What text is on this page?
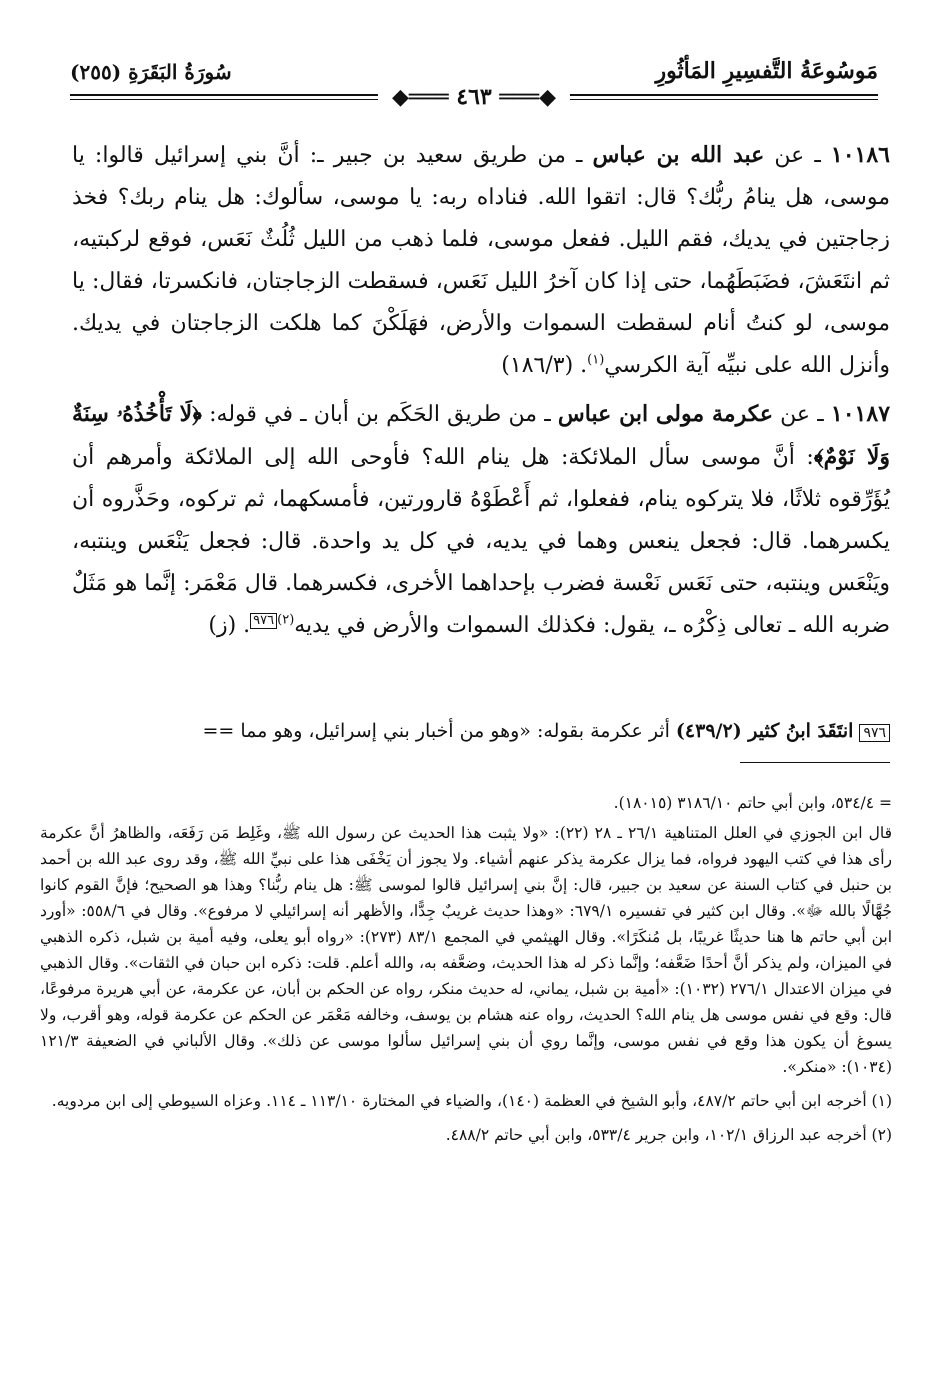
مَوسُوعَةُ التَّفسِيرِ المَأثُورِ
سُورَةُ البَقَرَةِ (٢٥٥)
◆═══ ٤٦٣ ═══◆

١٠١٨٦ ـ عن عبد الله بن عباس ـ من طريق سعيد بن جبير ـ: أنَّ بني إسرائيل قالوا: يا موسى، هل ينامُ ربُّك؟ قال: اتقوا الله. فناداه ربه: يا موسى، سألوك: هل ينام ربك؟ فخذ زجاجتين في يديك، فقم الليل. ففعل موسى، فلما ذهب من الليل ثُلُثٌ نَعَس، فوقع لركبتيه، ثم انتَعَشَ، فضَبَطَهُما، حتى إذا كان آخرُ الليل نَعَس، فسقطت الزجاجتان، فانكسرتا، فقال: يا موسى، لو كنتُ أنام لسقطت السموات والأرض، فهَلَكْنَ كما هلكت الزجاجتان في يديك. وأنزل الله على نبيِّه آية الكرسي$^{(١)}$. (١٨٦/٣)

١٠١٨٧ ـ عن عكرمة مولى ابن عباس ـ من طريق الحَكَم بن أبان ـ في قوله: ﴿لَا تَأْخُذُهُۥ سِنَةٌ وَلَا نَوْمٌ﴾: أنَّ موسى سأل الملائكة: هل ينام الله؟ فأوحى الله إلى الملائكة وأمرهم أن يُؤَرِّقوه ثلاثًا، فلا يتركوه ينام، ففعلوا، ثم أَعْطَوْهُ قارورتين، فأمسكهما، ثم تركوه، وحَذَّروه أن يكسرهما. قال: فجعل ينعس وهما في يديه، في كل يد واحدة. قال: فجعل يَنْعَس وينتبه، ويَنْعَس وينتبه، حتى نَعَس نَعْسة فضرب بإحداهما الأخرى، فكسرهما. قال مَعْمَر: إنَّما هو مَثَلٌ ضربه الله ـ تعالى ذِكْرُه ـ، يقول: فكذلك السموات والأرض في يديه$^{(٢)}$٩٧٦. (ز)

٩٧٦انتَقَدَ ابنُ كثير (٤٣٩/٢) أثر عكرمة بقوله: «وهو من أخبار بني إسرائيل، وهو مما ==

= ٥٣٤/٤، وابن أبي حاتم ٣١٨٦/١٠ (١٨٠١٥).

قال ابن الجوزي في العلل المتناهية ٢٦/١ ـ ٢٨ (٢٢): «ولا يثبت هذا الحديث عن رسول الله ﷺ، وغَلِط مَن رَفَعَه، والظاهرُ أنَّ عكرمة رأى هذا في كتب اليهود فرواه، فما يزال عكرمة يذكر عنهم أشياء. ولا يجوز أن يَخْفَى هذا على نبيِّ الله ﷺ، وقد روى عبد الله بن أحمد بن حنبل في كتاب السنة عن سعيد بن جبير، قال: إنَّ بني إسرائيل قالوا لموسى ﷺ: هل ينام ربُّنا؟ وهذا هو الصحيح؛ فإنَّ القوم كانوا جُهَّالًا بالله ﷻ». وقال ابن كثير في تفسيره ٦٧٩/١: «وهذا حديث غريبٌ جِدًّا، والأظهر أنه إسرائيلي لا مرفوع». وقال في ٥٥٨/٦: «أورد ابن أبي حاتم ها هنا حديثًا غريبًا، بل مُنكَرًا». وقال الهيثمي في المجمع ٨٣/١ (٢٧٣): «رواه أبو يعلى، وفيه أمية بن شبل، ذكره الذهبي في الميزان، ولم يذكر أنَّ أحدًا ضَعَّفه؛ وإنَّما ذكر له هذا الحديث، وضعَّفه به، والله أعلم. قلت: ذكره ابن حبان في الثقات». وقال الذهبي في ميزان الاعتدال ٢٧٦/١ (١٠٣٢): «أمية بن شبل، يماني، له حديث منكر، رواه عن الحكم بن أبان، عن عكرمة، عن أبي هريرة مرفوعًا، قال: وقع في نفس موسى هل ينام الله؟ الحديث، رواه عنه هشام بن يوسف، وخالفه مَعْمَر عن الحكم عن عكرمة قوله، وهو أقرب، ولا يسوغ أن يكون هذا وقع في نفس موسى، وإنَّما روي أن بني إسرائيل سألوا موسى عن ذلك». وقال الألباني في الضعيفة ١٢١/٣ (١٠٣٤): «منكر».

(١) أخرجه ابن أبي حاتم ٤٨٧/٢، وأبو الشيخ في العظمة (١٤٠)، والضياء في المختارة ١١٣/١٠ ـ ١١٤. وعزاه السيوطي إلى ابن مردويه.

(٢) أخرجه عبد الرزاق ١٠٢/١، وابن جرير ٥٣٣/٤، وابن أبي حاتم ٤٨٨/٢.
